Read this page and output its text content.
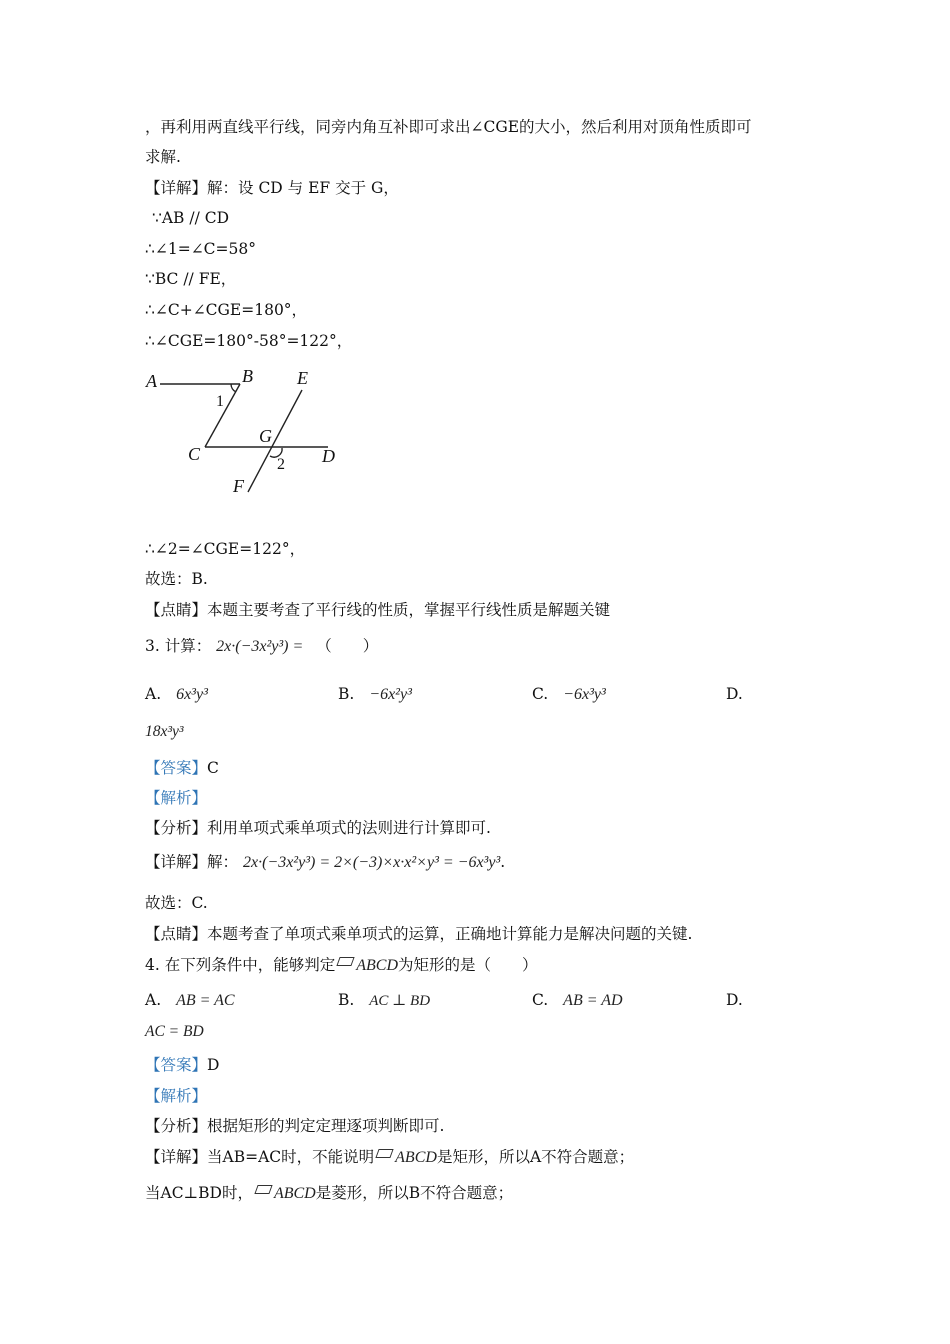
，再利用两直线平行线，同旁内角互补即可求出∠CGE的大小，然后利用对顶角性质即可
求解.
【详解】解：设 CD 与 EF 交于 G，
∵AB // CD
∴∠1=∠C=58°
∵BC // FE，
∴∠C+∠CGE=180°，
∴∠CGE=180°-58°=122°，
A	B E
C
G
D
F
1
2
∴∠2=∠CGE=122°，
故选：B.
【点睛】本题主要考查了平行线的性质，掌握平行线性质是解题关键
3. 计算： 2x·(−3x²y³) = （　　）
A. 6x³y³	B. −6x²y³	C. −6x³y³	D.
18x³y³
【答案】C
【解析】
【分析】利用单项式乘单项式的法则进行计算即可.
【详解】解： 2x·(−3x²y³) = 2×(−3)×x·x²×y³ = −6x³y³.
故选：C.
【点睛】本题考查了单项式乘单项式的运算，正确地计算能力是解决问题的关键.
4. 在下列条件中，能够判定 ABCD为矩形的是（　　）
A. AB = AC	B. AC ⊥ BD	C. AB = AD	D.
AC = BD
【答案】D
【解析】
【分析】根据矩形的判定定理逐项判断即可.
【详解】当AB=AC时，不能说明 ABCD是矩形，所以A不符合题意；
当AC⊥BD时， ABCD是菱形，所以B不符合题意；
